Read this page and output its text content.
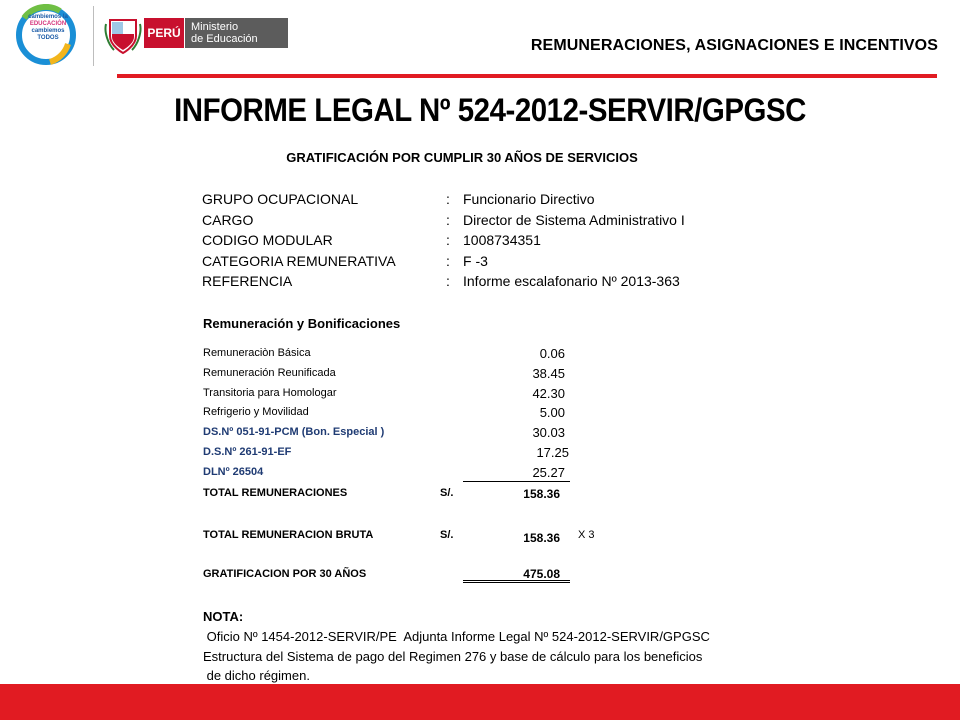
cambiemos la
EDUCACIÓN
cambiemos
TODOS	PERÚ Ministerio
de Educación	REMUNERACIONES, ASIGNACIONES E INCENTIVOS
INFORME LEGAL Nº 524-2012-SERVIR/GPGSC
GRATIFICACIÓN POR CUMPLIR 30 AÑOS DE SERVICIOS
GRUPO OCUPACIONAL	: Funcionario Directivo
CARGO	: Director de Sistema Administrativo I
CODIGO MODULAR	: 1008734351
CATEGORIA REMUNERATIVA	: F -3
REFERENCIA	: Informe escalafonario Nº 2013-363
Remuneración y Bonificaciones
Remuneraciòn Básica	0.06
Remuneración Reunificada	38.45
Transitoria para Homologar	42.30
Refrigerio y Movilidad	5.00
DS.Nº 051-91-PCM (Bon. Especial )	30.03
D.S.Nº 261-91-EF	17.25
DLNº 26504	25.27
TOTAL REMUNERACIONES	S/.	158.36
TOTAL REMUNERACION BRUTA	S/.	158.36 X 3
GRATIFICACION POR 30 AÑOS	475.08
NOTA:
Oficio Nº 1454-2012-SERVIR/PE  Adjunta Informe Legal Nº 524-2012-SERVIR/GPGSC
Estructura del Sistema de pago del Regimen 276 y base de cálculo para los beneficios
de dicho régimen.
